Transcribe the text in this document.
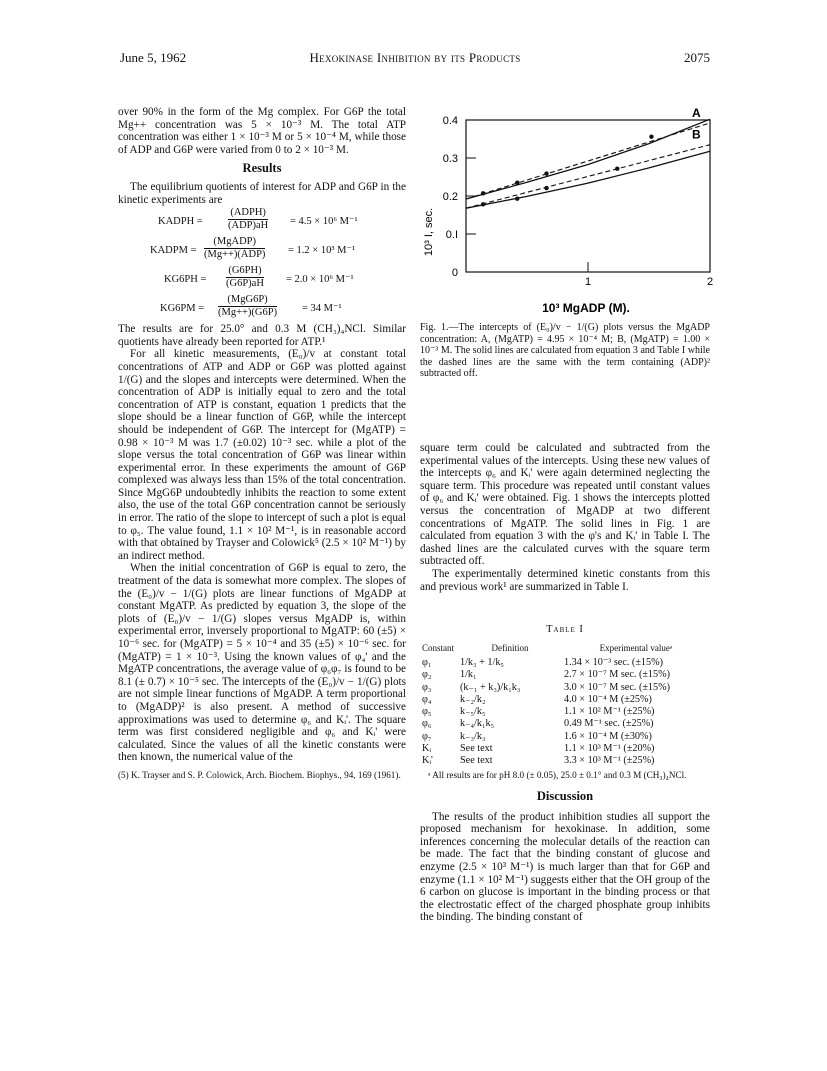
June 5, 1962	Hexokinase Inhibition by its Products	2075

over 90% in the form of the Mg complex. For G6P the total Mg++ concentration was 5 × 10⁻³ M. The total ATP concentration was either 1 × 10⁻³ M or 5 × 10⁻⁴ M, while those of ADP and G6P were varied from 0 to 2 × 10⁻³ M.

Results

The equilibrium quotients of interest for ADP and G6P in the kinetic experiments are

KADPH =
(ADPH)
(ADP)aH = 4.5 × 10⁶ M⁻¹
KADPM =
(MgADP)
(Mg++)(ADP) = 1.2 × 10³ M⁻¹
$KG6PH = \frac{(G6PH)}{(G6P)aH} = 2.0 \times 10^6$ M⁻¹
KG6PM =
(MgG6P)
(Mg++)(G6P) = 34 M⁻¹

The results are for 25.0° and 0.3 M (CH₃)₄NCl. Similar quotients have already been reported for ATP.¹

For all kinetic measurements, (E₀)/v at constant total concentrations of ATP and ADP or G6P was plotted against 1/(G) and the slopes and intercepts were determined. When the concentration of ADP is initially equal to zero and the total concentration of ATP is constant, equation 1 predicts that the slope should be a linear function of G6P, while the intercept should be independent of G6P. The intercept for (MgATP) = 0.98 × 10⁻³ M was 1.7 (±0.02) 10⁻³ sec. while a plot of the slope versus the total concentration of G6P was linear within experimental error. In these experiments the amount of G6P complexed was always less than 15% of the total concentration. Since MgG6P undoubtedly inhibits the reaction to some extent also, the use of the total G6P concentration cannot be seriously in error. The ratio of the slope to intercept of such a plot is equal to φ₅. The value found, 1.1 × 10² M⁻¹, is in reasonable accord with that obtained by Trayser and Colowick⁵ (2.5 × 10² M⁻¹) by an indirect method.

When the initial concentration of G6P is equal to zero, the treatment of the data is somewhat more complex. The slopes of the (E₀)/v − 1/(G) plots are linear functions of MgADP at constant MgATP. As predicted by equation 3, the slope of the plots of (E₀)/v − 1/(G) slopes versus MgADP is, within experimental error, inversely proportional to MgATP: 60 (±5) × 10⁻⁶ sec. for (MgATP) = 5 × 10⁻⁴ and 35 (±5) × 10⁻⁶ sec. for (MgATP) = 1 × 10⁻³. Using the known values of φ₄' and the MgATP concentrations, the average value of φ₆φ₇ is found to be 8.1 (± 0.7) × 10⁻⁵ sec. The intercepts of the (E₀)/v − 1/(G) plots are not simple linear functions of MgADP. A term proportional to (MgADP)² is also present. A method of successive approximations was used to determine φ₆ and Kᵢ'. The square term was first considered negligible and φ₆ and Kᵢ' were calculated. Since the values of all the kinetic constants were then known, the numerical value of the

(5) K. Trayser and S. P. Colowick, Arch. Biochem. Biophys., 94, 169 (1961).

10³ I, sec.
10³ MgADP (M).
0
0.I
0.2
0.3
0.4
1	2
A
B
Fig. 1.—The intercepts of (E₀)/v − 1/(G) plots versus the MgADP concentration: A, (MgATP) = 4.95 × 10⁻⁴ M; B, (MgATP) = 1.00 × 10⁻³ M. The solid lines are calculated from equation 3 and Table I while the dashed lines are the same with the term containing (ADP)² subtracted off.

square term could be calculated and subtracted from the experimental values of the intercepts. Using these new values of the intercepts φ₆ and Kᵢ' were again determined neglecting the square term. This procedure was repeated until constant values of φ₆ and Kᵢ' were obtained. Fig. 1 shows the intercepts plotted versus the concentration of MgADP at two different concentrations of MgATP. The solid lines in Fig. 1 are calculated from equation 3 with the φ's and Kᵢ' in Table I. The dashed lines are the calculated curves with the square term subtracted off.

The experimentally determined kinetic constants from this and previous work¹ are summarized in Table I.

Table I
Constant	Definition	Experimental valueᵃ
φ₁	1/k₃ + 1/k₅	1.34 × 10⁻³ sec. (±15%)
φ₂	1/k₁	2.7 × 10⁻⁷ M sec. (±15%)
φ₃	(k₋₁ + k₃)/k₁k₃	3.0 × 10⁻⁷ M sec. (±15%)
φ₄	k₋₂/k₂	4.0 × 10⁻⁴ M (±25%)
φ₅	k₋₅/k₅	1.1 × 10² M⁻¹ (±25%)
φ₆	k₋₄/k₁k₅	0.49 M⁻¹ sec. (±25%)
φ₇	k₋₃/k₃	1.6 × 10⁻⁴ M (±30%)
Kᵢ	See text	1.1 × 10³ M⁻¹ (±20%)
Kᵢ'	See text	3.3 × 10³ M⁻¹ (±25%)
ᵃ All results are for pH 8.0 (± 0.05), 25.0 ± 0.1° and 0.3 M (CH₃)₄NCl.
Discussion

The results of the product inhibition studies all support the proposed mechanism for hexokinase. In addition, some inferences concerning the molecular details of the reaction can be made. The fact that the binding constant of glucose and enzyme (2.5 × 10³ M⁻¹) is much larger than that for G6P and enzyme (1.1 × 10² M⁻¹) suggests either that the OH group of the 6 carbon on glucose is important in the binding process or that the electrostatic effect of the charged phosphate group inhibits the binding. The binding constant of
